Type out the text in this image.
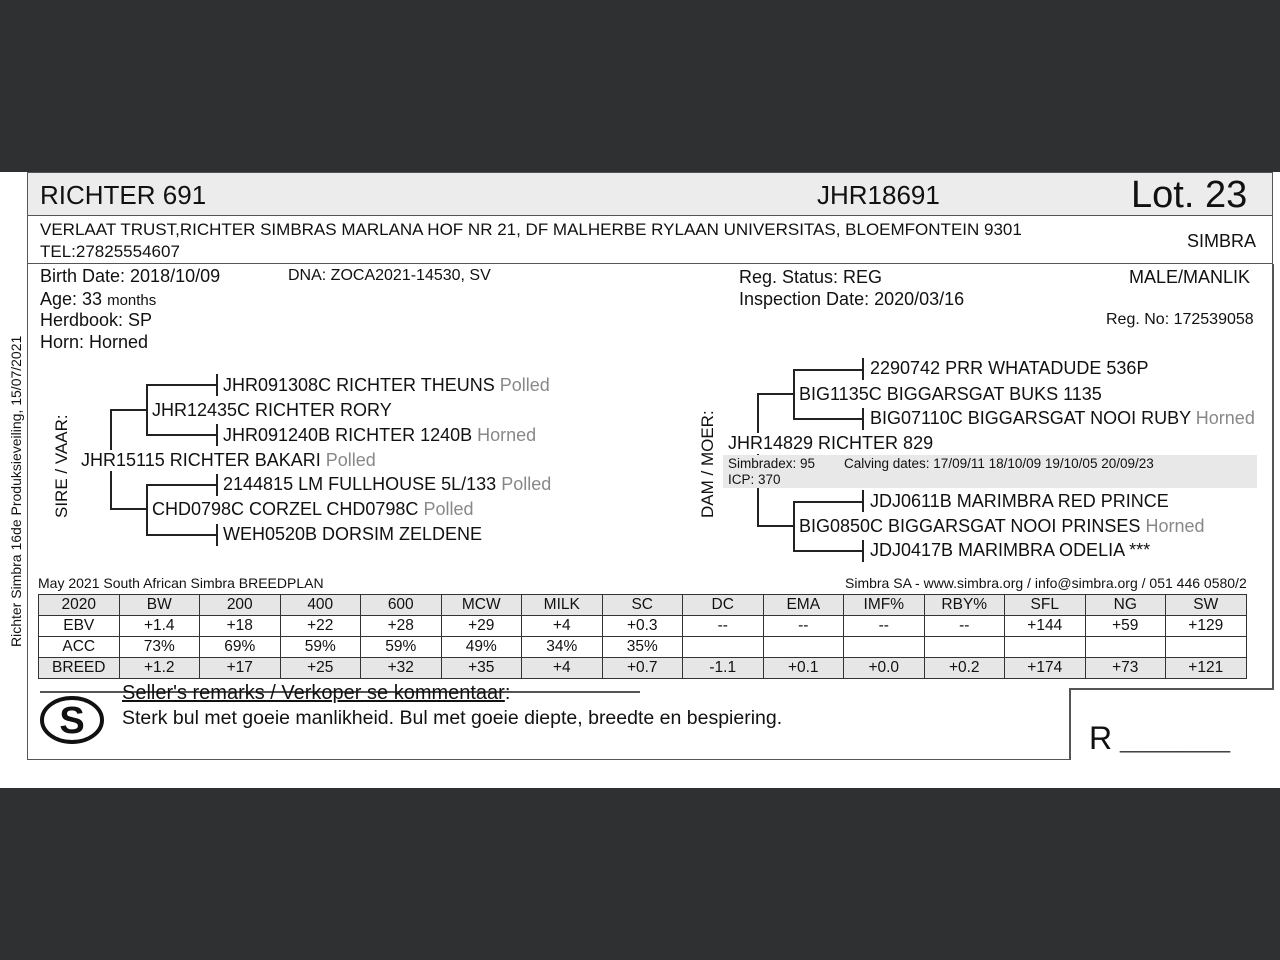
RICHTER 691	JHR18691	Lot. 23
VERLAAT TRUST,RICHTER SIMBRAS MARLANA HOF NR 21, DF MALHERBE RYLAAN UNIVERSITAS, BLOEMFONTEIN 9301
TEL:27825554607
SIMBRA
Birth Date: 2018/10/09
Age: 33 months
Herdbook: SP
Horn: Horned
DNA: ZOCA2021-14530, SV	Reg. Status: REG
Inspection Date: 2020/03/16
MALE/MANLIK
Reg. No: 172539058
SIRE / VAAR:
JHR091308C RICHTER THEUNS Polled
JHR12435C RICHTER RORY
JHR091240B RICHTER 1240B Horned
JHR15115 RICHTER BAKARI Polled
2144815 LM FULLHOUSE 5L/133 Polled
CHD0798C CORZEL CHD0798C Polled
WEH0520B DORSIM ZELDENE
DAM / MOER:
2290742 PRR WHATADUDE 536P
BIG1135C BIGGARSGAT BUKS 1135
BIG07110C BIGGARSGAT NOOI RUBY Horned
JHR14829 RICHTER 829
Simbradex: 95 Calving dates: 17/09/11 18/10/09 19/10/05 20/09/23
ICP: 370
JDJ0611B MARIMBRA RED PRINCE
BIG0850C BIGGARSGAT NOOI PRINSES Horned
JDJ0417B MARIMBRA ODELIA ***
May 2021 South African Simbra BREEDPLAN	Simbra SA - www.simbra.org / info@simbra.org / 051 446 0580/2
2020	BW	200	400	600	MCW	MILK	SC	DC	EMA	IMF%	RBY%	SFL	NG	SW
EBV	+1.4	+18	+22	+28	+29	+4	+0.3	--	--	--	--	+144	+59	+129
ACC	73%	69%	59%	59%	49%	34%	35%							
BREED	+1.2	+17	+25	+32	+35	+4	+0.7	-1.1	+0.1	+0.0	+0.2	+174	+73	+121
S
Seller's remarks / Verkoper se kommentaar:
Sterk bul met goeie manlikheid. Bul met goeie diepte, breedte en bespiering.
R _________
Richter Simbra 16de Produksieveiling, 15/07/2021
